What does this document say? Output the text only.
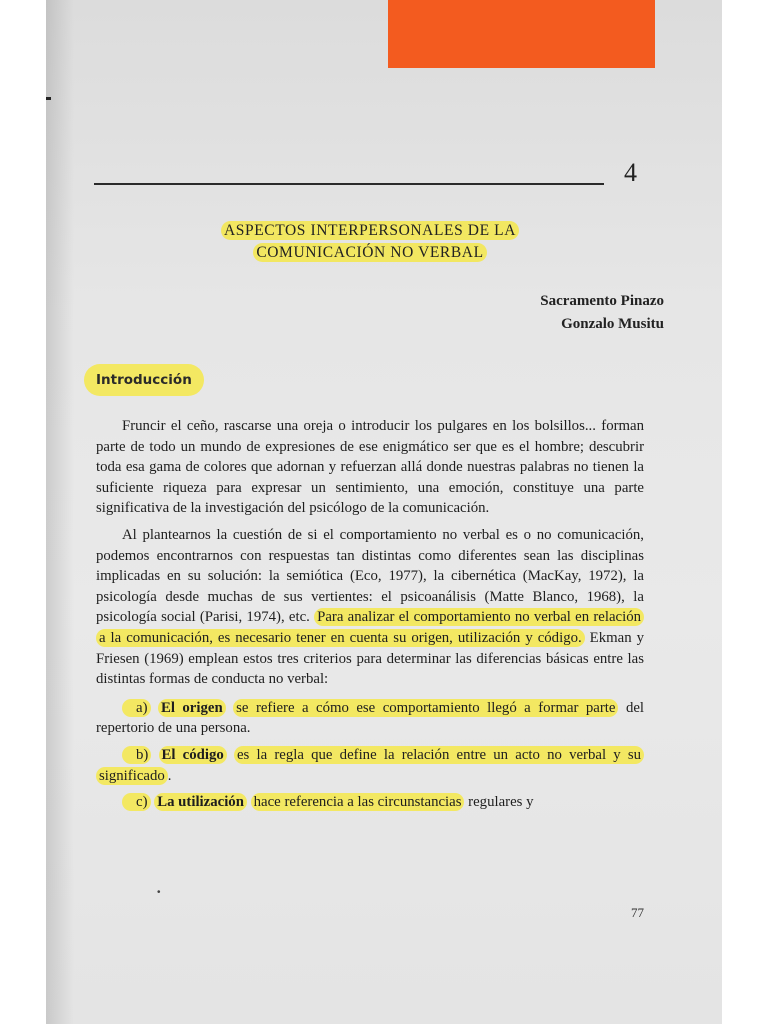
4
ASPECTOS INTERPERSONALES DE LA
COMUNICACIÓN NO VERBAL
Sacramento Pinazo
Gonzalo Musitu
Introducción

Fruncir el ceño, rascarse una oreja o introducir los pulgares en los bolsillos... forman parte de todo un mundo de expresiones de ese enigmático ser que es el hombre; descubrir toda esa gama de colores que adornan y refuerzan allá donde nuestras palabras no tienen la suficiente riqueza para expresar un sentimiento, una emoción, constituye una parte significativa de la investigación del psicólogo de la comunicación.

Al plantearnos la cuestión de si el comportamiento no verbal es o no comunicación, podemos encontrarnos con respuestas tan distintas como diferentes sean las disciplinas implicadas en su solución: la semiótica (Eco, 1977), la cibernética (MacKay, 1972), la psicología desde muchas de sus vertientes: el psicoanálisis (Matte Blanco, 1968), la psicología social (Parisi, 1974), etc. Para analizar el comportamiento no verbal en relación a la comunicación, es necesario tener en cuenta su origen, utilización y código. Ekman y Friesen (1969) emplean estos tres criterios para determinar las diferencias básicas entre las distintas formas de conducta no verbal:

a) El origen se refiere a cómo ese comportamiento llegó a formar parte del repertorio de una persona.

b) El código es la regla que define la relación entre un acto no verbal y su significado .

c) La utilización hace referencia a las circunstancias regulares y

•
77
